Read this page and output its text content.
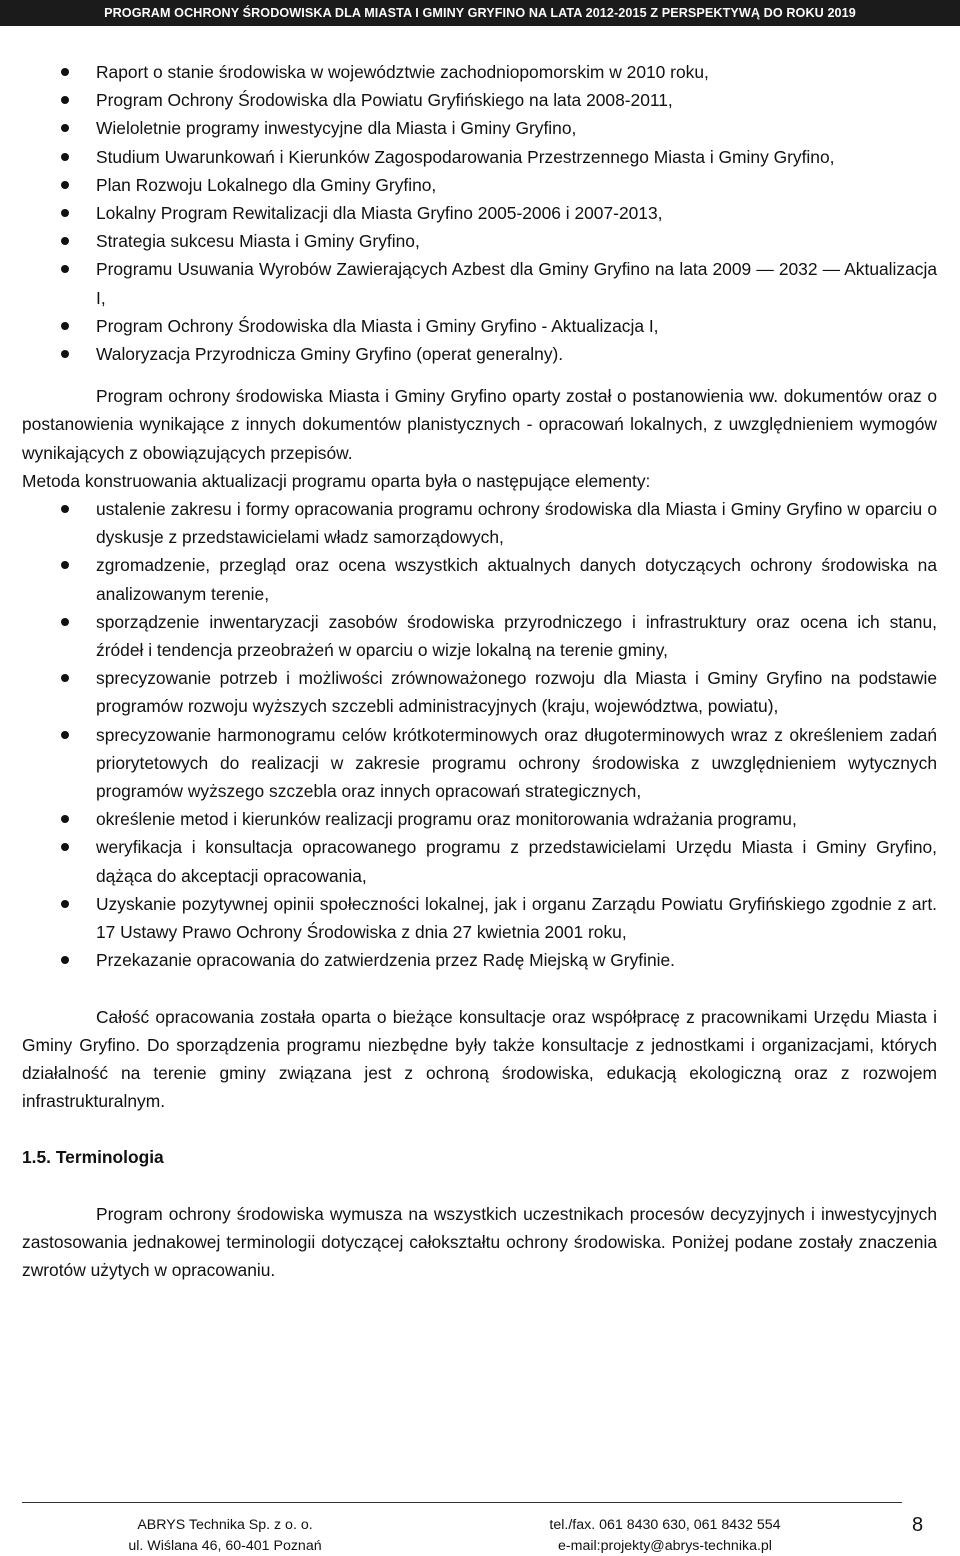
PROGRAM OCHRONY ŚRODOWISKA DLA MIASTA I GMINY GRYFINO NA LATA 2012-2015 Z PERSPEKTYWĄ DO ROKU 2019
Raport o stanie środowiska w województwie zachodniopomorskim w 2010 roku,
Program Ochrony Środowiska dla Powiatu Gryfińskiego na lata 2008-2011,
Wieloletnie programy inwestycyjne dla Miasta i Gminy Gryfino,
Studium Uwarunkowań i Kierunków Zagospodarowania Przestrzennego Miasta i Gminy Gryfino,
Plan Rozwoju Lokalnego dla Gminy Gryfino,
Lokalny Program Rewitalizacji dla Miasta Gryfino 2005-2006 i 2007-2013,
Strategia sukcesu Miasta i Gminy Gryfino,
Programu Usuwania Wyrobów Zawierających Azbest dla Gminy Gryfino na lata 2009 — 2032 — Aktualizacja I,
Program Ochrony Środowiska dla Miasta i Gminy Gryfino - Aktualizacja I,
Waloryzacja Przyrodnicza Gminy Gryfino (operat generalny).

Program ochrony środowiska Miasta i Gminy Gryfino oparty został o postanowienia ww. dokumentów oraz o postanowienia wynikające z innych dokumentów planistycznych - opracowań lokalnych, z uwzględnieniem wymogów wynikających z obowiązujących przepisów.

Metoda konstruowania aktualizacji programu oparta była o następujące elementy:

ustalenie zakresu i formy opracowania programu ochrony środowiska dla Miasta i Gminy Gryfino w oparciu o dyskusje z przedstawicielami władz samorządowych,
zgromadzenie, przegląd oraz ocena wszystkich aktualnych danych dotyczących ochrony środowiska na analizowanym terenie,
sporządzenie inwentaryzacji zasobów środowiska przyrodniczego i infrastruktury oraz ocena ich stanu, źródeł i tendencja przeobrażeń w oparciu o wizje lokalną na terenie gminy,
sprecyzowanie potrzeb i możliwości zrównoważonego rozwoju dla Miasta i Gminy Gryfino na podstawie programów rozwoju wyższych szczebli administracyjnych (kraju, województwa, powiatu),
sprecyzowanie harmonogramu celów krótkoterminowych oraz długoterminowych wraz z określeniem zadań priorytetowych do realizacji w zakresie programu ochrony środowiska z uwzględnieniem wytycznych programów wyższego szczebla oraz innych opracowań strategicznych,
określenie metod i kierunków realizacji programu oraz monitorowania wdrażania programu,
weryfikacja i konsultacja opracowanego programu z przedstawicielami Urzędu Miasta i Gminy Gryfino, dążąca do akceptacji opracowania,
Uzyskanie pozytywnej opinii społeczności lokalnej, jak i organu Zarządu Powiatu Gryfińskiego zgodnie z art. 17 Ustawy Prawo Ochrony Środowiska z dnia 27 kwietnia 2001 roku,
Przekazanie opracowania do zatwierdzenia przez Radę Miejską w Gryfinie.

Całość opracowania została oparta o bieżące konsultacje oraz współpracę z pracownikami Urzędu Miasta i Gminy Gryfino. Do sporządzenia programu niezbędne były także konsultacje z jednostkami i organizacjami, których działalność na terenie gminy związana jest z ochroną środowiska, edukacją ekologiczną oraz z rozwojem infrastrukturalnym.

1.5. Terminologia

Program ochrony środowiska wymusza na wszystkich uczestnikach procesów decyzyjnych i inwestycyjnych zastosowania jednakowej terminologii dotyczącej całokształtu ochrony środowiska. Poniżej podane zostały znaczenia zwrotów użytych w opracowaniu.

ABRYS Technika Sp. z o. o.
ul. Wiślana 46, 60-401 Poznań
tel./fax. 061 8430 630, 061 8432 554
e-mail:projekty@abrys-technika.pl
8
